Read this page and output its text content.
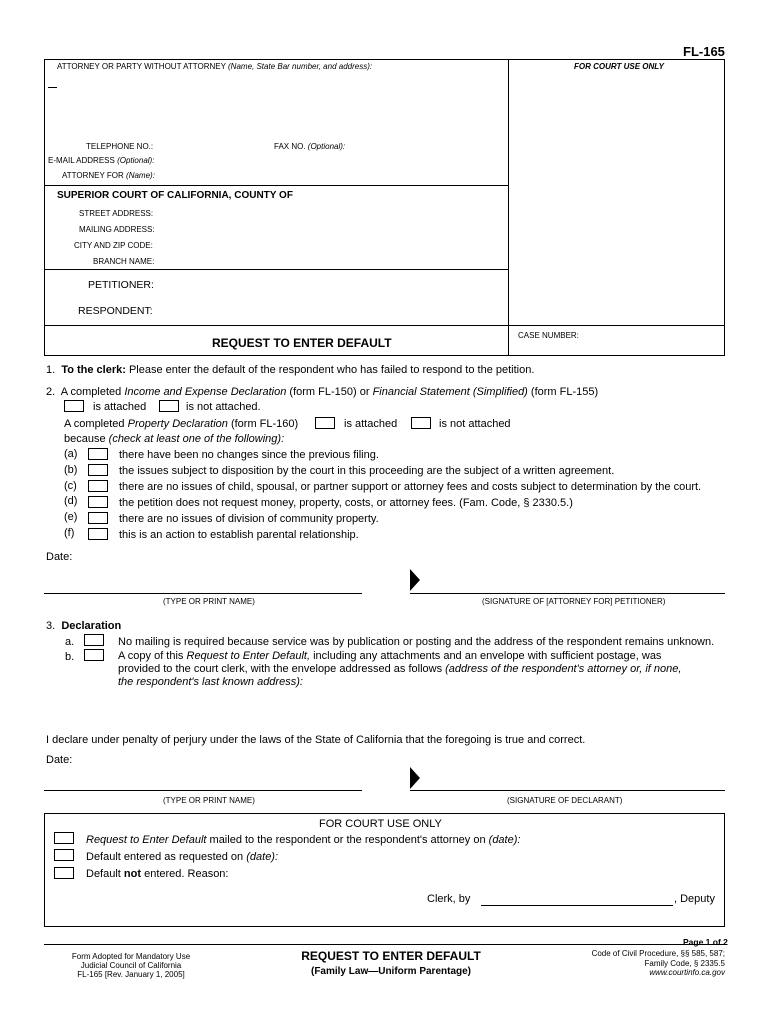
FL-165
ATTORNEY OR PARTY WITHOUT ATTORNEY (Name, State Bar number, and address):	FOR COURT USE ONLY
TELEPHONE NO.:	FAX NO. (Optional):
E-MAIL ADDRESS (Optional):
ATTORNEY FOR (Name):
SUPERIOR COURT OF CALIFORNIA, COUNTY OF
STREET ADDRESS:
MAILING ADDRESS:
CITY AND ZIP CODE:
BRANCH NAME:
PETITIONER:
RESPONDENT:
REQUEST TO ENTER DEFAULT
CASE NUMBER:
1. To the clerk: Please enter the default of the respondent who has failed to respond to the petition.
2. A completed Income and Expense Declaration (form FL-150) or Financial Statement (Simplified) (form FL-155)
is attached	is not attached.
A completed Property Declaration (form FL-160)	is attached	is not attached
because (check at least one of the following):
(a)	there have been no changes since the previous filing.
(b)	the issues subject to disposition by the court in this proceeding are the subject of a written agreement.
(c)	there are no issues of child, spousal, or partner support or attorney fees and costs subject to determination by the court.
(d)	the petition does not request money, property, costs, or attorney fees. (Fam. Code, § 2330.5.)
(e)	there are no issues of division of community property.
(f)	this is an action to establish parental relationship.
Date:
(TYPE OR PRINT NAME)	(SIGNATURE OF [ATTORNEY FOR] PETITIONER)
3. Declaration
a.	No mailing is required because service was by publication or posting and the address of the respondent remains unknown.
b.	A copy of this Request to Enter Default, including any attachments and an envelope with sufficient postage, was
provided to the court clerk, with the envelope addressed as follows (address of the respondent's attorney or, if none,
the respondent's last known address):
I declare under penalty of perjury under the laws of the State of California that the foregoing is true and correct.
Date:
(TYPE OR PRINT NAME)	(SIGNATURE OF DECLARANT)
FOR COURT USE ONLY
Request to Enter Default mailed to the respondent or the respondent's attorney on (date):
Default entered as requested on (date):
Default not entered. Reason:
Clerk, by	, Deputy
Page 1 of 2
Form Adopted for Mandatory Use
Judicial Council of California
FL-165 [Rev. January 1, 2005]
REQUEST TO ENTER DEFAULT
(Family Law—Uniform Parentage)
Code of Civil Procedure, §§ 585, 587;
Family Code, § 2335.5
www.courtinfo.ca.gov
